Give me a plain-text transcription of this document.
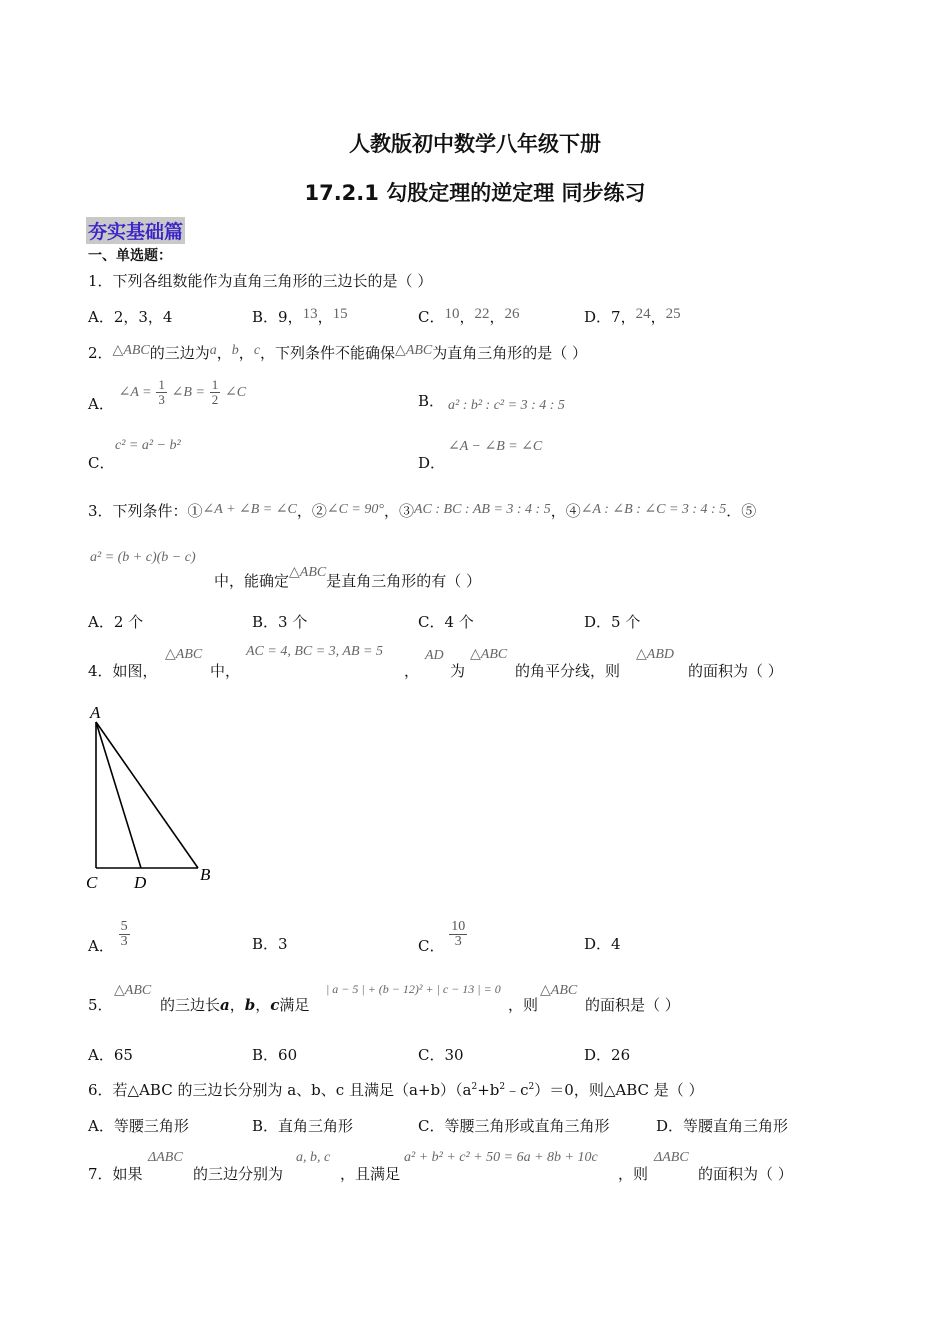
人教版初中数学八年级下册
17.2.1 勾股定理的逆定理 同步练习
夯实基础篇
一、单选题：
1．下列各组数能作为直角三角形的三边长的是（ ）
A．2，3，4	B．9，13，15	C．10，22，26	D．7，24，25
2．△ABC的三边为a，b，c，下列条件不能确保△ABC为直角三角形的是（ ）
A． ∠A = $\frac{1}{3}$ ∠B = $\frac{1}{2}$ ∠C	B． a² : b² : c² = 3 : 4 : 5
c² = a² − b²
C．
∠A − ∠B = ∠C
D．
3．下列条件：①∠A + ∠B = ∠C，②∠C = 90°，③AC : BC : AB = 3 : 4 : 5，④∠A : ∠B : ∠C = 3 : 4 : 5．⑤
a² = (b + c)(b − c)
中，能确定△ABC是直角三角形的有（ ）
A．2 个	B．3 个	C．4 个	D．5 个
4．如图，
△ABC
中，
AC = 4, BC = 3, AB = 5
，
AD
为
△ABC
的角平分线，则
△ABD
的面积为（ ）
A
C D	B
A． $\frac{5}{3}$	B．3	C． $\frac{10}{3}$	D．4
5．
△ABC
的三边长a，b，c满足
| a − 5 | + (b − 12)² + | c − 13 | = 0
，则
△ABC
的面积是（ ）
A．65	B．60	C．30	D．26
6．若△ABC 的三边长分别为 a、b、c 且满足$(a+b)(a^2+b^2﹣c^2)=0$，则△ABC 是（ ）
A．等腰三角形	B．直角三角形	C．等腰三角形或直角三角形	D．等腰直角三角形
7．如果
ΔABC
的三边分别为
a, b, c
，且满足
a² + b² + c² + 50 = 6a + 8b + 10c
，则
ΔABC
的面积为（ ）
